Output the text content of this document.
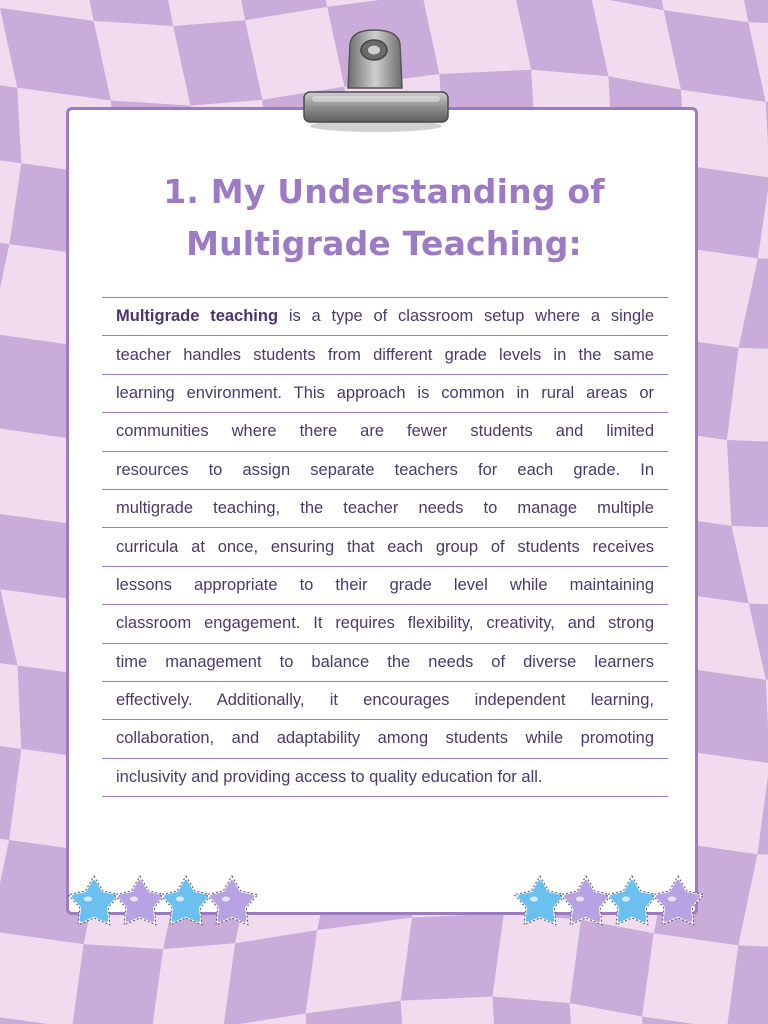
1. My Understanding of
Multigrade Teaching:
Multigrade teaching is a type of classroom setup where a single
teacher handles students from different grade levels in the same
learning environment. This approach is common in rural areas or
communities where there are fewer students and limited
resources to assign separate teachers for each grade. In
multigrade teaching, the teacher needs to manage multiple
curricula at once, ensuring that each group of students receives
lessons appropriate to their grade level while maintaining
classroom engagement. It requires flexibility, creativity, and strong
time management to balance the needs of diverse learners
effectively. Additionally, it encourages independent learning,
collaboration, and adaptability among students while promoting
inclusivity and providing access to quality education for all.
